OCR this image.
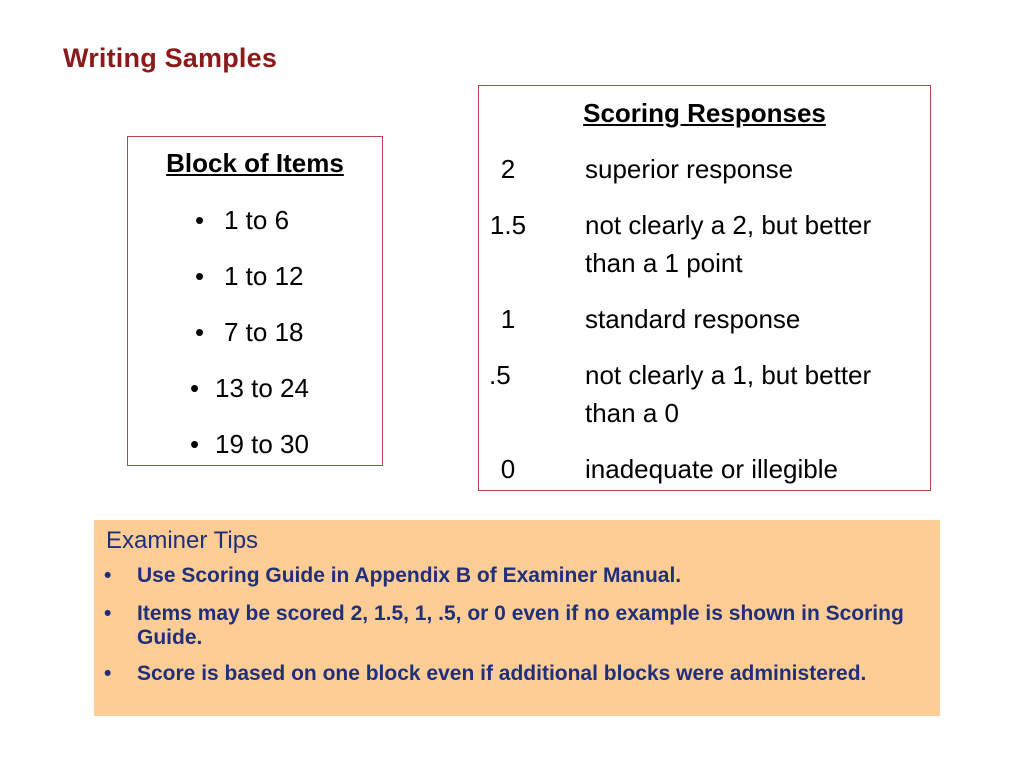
Writing Samples
Block of Items
• 1 to 6
• 1 to 12
• 7 to 18
• 13 to 24
• 19 to 30
Scoring Responses
2	superior response
1.5	not clearly a 2, but better than a 1 point
1	standard response
.5	not clearly a 1, but better than a 0
0	inadequate or illegible
Examiner Tips
• Use Scoring Guide in Appendix B of Examiner Manual.
• Items may be scored 2, 1.5, 1, .5, or 0 even if no example is shown in Scoring Guide.
• Score is based on one block even if additional blocks were administered.
